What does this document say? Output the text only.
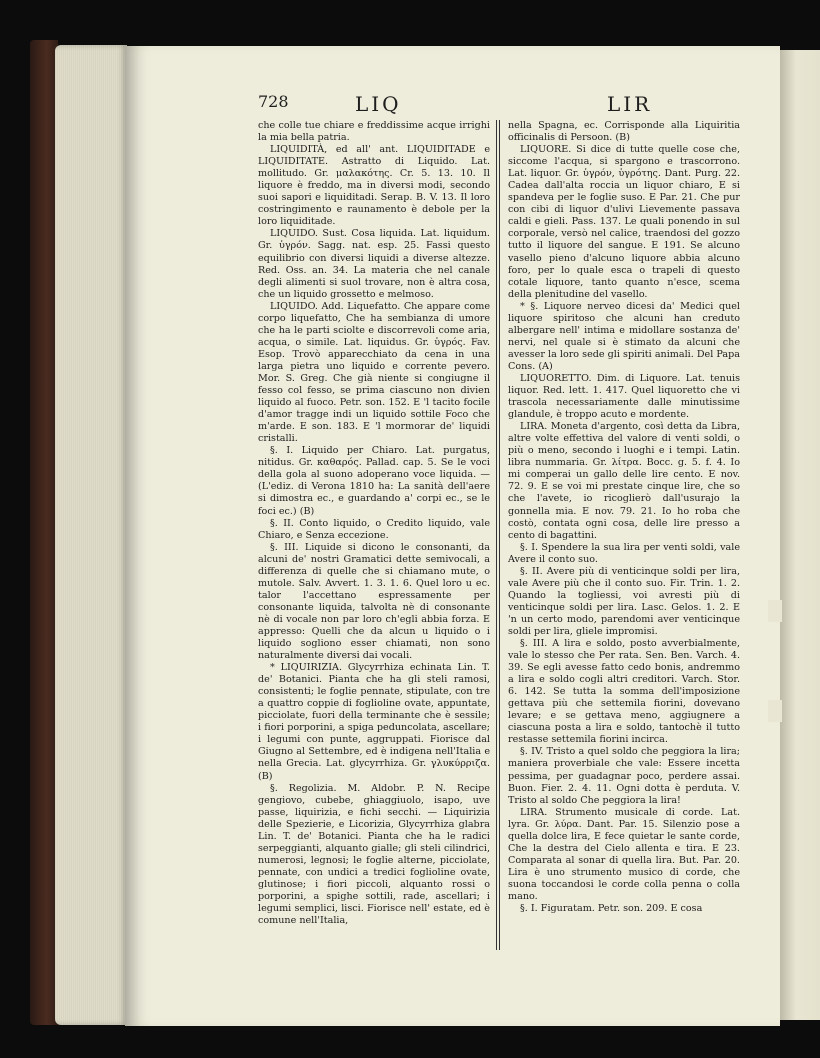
728	LIQ	LIR

che colle tue chiare e freddissime acque irrighi la mia bella patria.

LIQUIDITÀ, ed all' ant. LIQUIDITADE e LIQUIDITATE. Astratto di Liquido. Lat. mollitudo. Gr. μαλακότης. Cr. 5. 13. 10. Il liquore è freddo, ma in diversi modi, secondo suoi sapori e liquiditadi. Serap. B. V. 13. Il loro costringimento e raunamento è debole per la loro liquiditade.

LIQUIDO. Sust. Cosa liquida. Lat. liquidum. Gr. ὑγρόν. Sagg. nat. esp. 25. Fassi questo equilibrio con diversi liquidi a diverse altezze. Red. Oss. an. 34. La materia che nel canale degli alimenti si suol trovare, non è altra cosa, che un liquido grossetto e melmoso.

LIQUIDO. Add. Liquefatto. Che appare come corpo liquefatto, Che ha sembianza di umore che ha le parti sciolte e discorrevoli come aria, acqua, o simile. Lat. liquidus. Gr. ὑγρός. Fav. Esop. Trovò apparecchiato da cena in una larga pietra uno liquido e corrente pevero. Mor. S. Greg. Che già niente si congiugne il fesso col fesso, se prima ciascuno non divien liquido al fuoco. Petr. son. 152. E 'l tacito focile d'amor tragge indi un liquido sottile Foco che m'arde. E son. 183. E 'l mormorar de' liquidi cristalli.

§. I. Liquido per Chiaro. Lat. purgatus, nitidus. Gr. καθαρός. Pallad. cap. 5. Se le voci della gola al suono adoperano voce liquida. — (L'ediz. di Verona 1810 ha: La sanità dell'aere si dimostra ec., e guardando a' corpi ec., se le foci ec.) (B)

§. II. Conto liquido, o Credito liquido, vale Chiaro, e Senza eccezione.

§. III. Liquide si dicono le consonanti, da alcuni de' nostri Gramatici dette semivocali, a differenza di quelle che si chiamano mute, o mutole. Salv. Avvert. 1. 3. 1. 6. Quel loro u ec. talor l'accettano espressamente per consonante liquida, talvolta nè di consonante nè di vocale non par loro ch'egli abbia forza. E appresso: Quelli che da alcun u liquido o i liquido sogliono esser chiamati, non sono naturalmente diversi dai vocali.

* LIQUIRIZIA. Glycyrrhiza echinata Lin. T. de' Botanici. Pianta che ha gli steli ramosi, consistenti; le foglie pennate, stipulate, con tre a quattro coppie di foglioline ovate, appuntate, picciolate, fuori della terminante che è sessile; i fiori porporini, a spiga peduncolata, ascellare; i legumi con punte, aggruppati. Fiorisce dal Giugno al Settembre, ed è indigena nell'Italia e nella Grecia. Lat. glycyrrhiza. Gr. γλυκύρριζα. (B)

§. Regolizia. M. Aldobr. P. N. Recipe gengiovo, cubebe, ghiaggiuolo, isapo, uve passe, liquirizia, e fichi secchi. — Liquirizia delle Spezierie, e Licorizia, Glycyrrhiza glabra Lin. T. de' Botanici. Pianta che ha le radici serpeggianti, alquanto gialle; gli steli cilindrici, numerosi, legnosi; le foglie alterne, picciolate, pennate, con undici a tredici foglioline ovate, glutinose; i fiori piccoli, alquanto rossi o porporini, a spighe sottili, rade, ascellari; i legumi semplici, lisci. Fiorisce nell' estate, ed è comune nell'Italia,

nella Spagna, ec. Corrisponde alla Liquiritia officinalis di Persoon. (B)

LIQUORE. Si dice di tutte quelle cose che, siccome l'acqua, si spargono e trascorrono. Lat. liquor. Gr. ὑγρόν, ὑγρότης. Dant. Purg. 22. Cadea dall'alta roccia un liquor chiaro, E si spandeva per le foglie suso. E Par. 21. Che pur con cibi di liquor d'ulivi Lievemente passava caldi e gieli. Pass. 137. Le quali ponendo in sul corporale, versò nel calice, traendosi del gozzo tutto il liquore del sangue. E 191. Se alcuno vasello pieno d'alcuno liquore abbia alcuno foro, per lo quale esca o trapeli di questo cotale liquore, tanto quanto n'esce, scema della plenitudine del vasello.

* §. Liquore nerveo dicesi da' Medici quel liquore spiritoso che alcuni han creduto albergare nell' intima e midollare sostanza de' nervi, nel quale si è stimato da alcuni che avesser la loro sede gli spiriti animali. Del Papa Cons. (A)

LIQUORETTO. Dim. di Liquore. Lat. tenuis liquor. Red. lett. 1. 417. Quel liquoretto che vi trascola necessariamente dalle minutissime glandule, è troppo acuto e mordente.

LIRA. Moneta d'argento, così detta da Libra, altre volte effettiva del valore di venti soldi, o più o meno, secondo i luoghi e i tempi. Latin. libra nummaria. Gr. λίτρα. Bocc. g. 5. f. 4. Io mi comperai un gallo delle lire cento. E nov. 72. 9. E se voi mi prestate cinque lire, che so che l'avete, io ricoglierò dall'usurajo la gonnella mia. E nov. 79. 21. Io ho roba che costò, contata ogni cosa, delle lire presso a cento di bagattini.

§. I. Spendere la sua lira per venti soldi, vale Avere il conto suo.

§. II. Avere più di venticinque soldi per lira, vale Avere più che il conto suo. Fir. Trin. 1. 2. Quando la togliessi, voi avresti più di venticinque soldi per lira. Lasc. Gelos. 1. 2. E 'n un certo modo, parendomi aver venticinque soldi per lira, gliele impromisi.

§. III. A lira e soldo, posto avverbialmente, vale lo stesso che Per rata. Sen. Ben. Varch. 4. 39. Se egli avesse fatto cedo bonis, andremmo a lira e soldo cogli altri creditori. Varch. Stor. 6. 142. Se tutta la somma dell'imposizione gettava più che settemila fiorini, dovevano levare; e se gettava meno, aggiugnere a ciascuna posta a lira e soldo, tantochè il tutto restasse settemila fiorini incirca.

§. IV. Tristo a quel soldo che peggiora la lira; maniera proverbiale che vale: Essere incetta pessima, per guadagnar poco, perdere assai. Buon. Fier. 2. 4. 11. Ogni dotta è perduta. V. Tristo al soldo Che peggiora la lira!

LIRA. Strumento musicale di corde. Lat. lyra. Gr. λύρα. Dant. Par. 15. Silenzio pose a quella dolce lira, E fece quietar le sante corde, Che la destra del Cielo allenta e tira. E 23. Comparata al sonar di quella lira. But. Par. 20. Lira è uno strumento musico di corde, che suona toccandosi le corde colla penna o colla mano.

§. I. Figuratam. Petr. son. 209. E cosa
